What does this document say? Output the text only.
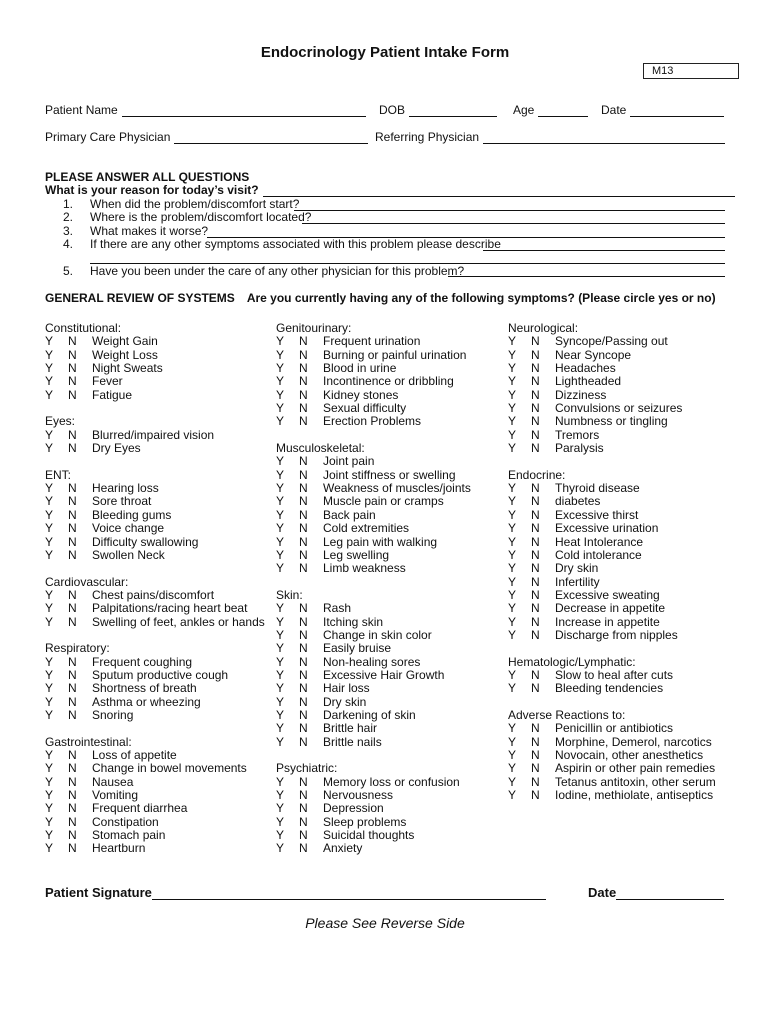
Endocrinology Patient Intake Form
M13
Patient Name	DOB	Age	Date
Primary Care Physician	Referring Physician
PLEASE ANSWER ALL QUESTIONS
What is your reason for today’s visit?
1. When did the problem/discomfort start?
2. Where is the problem/discomfort located?
3. What makes it worse?
4. If there are any other symptoms associated with this problem please describe
5. Have you been under the care of any other physician for this problem?
GENERAL REVIEW OF SYSTEMS Are you currently having any of the following symptoms? (Please circle yes or no)
Constitutional:
Y N Weight Gain
Y N Weight Loss
Y N Night Sweats
Y N Fever
Y N Fatigue
Eyes:
Y N Blurred/impaired vision
Y N Dry Eyes
ENT:
Y N Hearing loss
Y N Sore throat
Y N Bleeding gums
Y N Voice change
Y N Difficulty swallowing
Y N Swollen Neck
Cardiovascular:
Y N Chest pains/discomfort
Y N Palpitations/racing heart beat
Y N Swelling of feet, ankles or hands
Respiratory:
Y N Frequent coughing
Y N Sputum productive cough
Y N Shortness of breath
Y N Asthma or wheezing
Y N Snoring
Gastrointestinal:
Y N Loss of appetite
Y N Change in bowel movements
Y N Nausea
Y N Vomiting
Y N Frequent diarrhea
Y N Constipation
Y N Stomach pain
Y N Heartburn
Genitourinary:
Y N Frequent urination
Y N Burning or painful urination
Y N Blood in urine
Y N Incontinence or dribbling
Y N Kidney stones
Y N Sexual difficulty
Y N Erection Problems
Musculoskeletal:
Y N Joint pain
Y N Joint stiffness or swelling
Y N Weakness of muscles/joints
Y N Muscle pain or cramps
Y N Back pain
Y N Cold extremities
Y N Leg pain with walking
Y N Leg swelling
Y N Limb weakness
Skin:
Y N Rash
Y N Itching skin
Y N Change in skin color
Y N Easily bruise
Y N Non-healing sores
Y N Excessive Hair Growth
Y N Hair loss
Y N Dry skin
Y N Darkening of skin
Y N Brittle hair
Y N Brittle nails
Psychiatric:
Y N Memory loss or confusion
Y N Nervousness
Y N Depression
Y N Sleep problems
Y N Suicidal thoughts
Y N Anxiety
Neurological:
Y N Syncope/Passing out
Y N Near Syncope
Y N Headaches
Y N Lightheaded
Y N Dizziness
Y N Convulsions or seizures
Y N Numbness or tingling
Y N Tremors
Y N Paralysis
Endocrine:
Y N Thyroid disease
Y N diabetes
Y N Excessive thirst
Y N Excessive urination
Y N Heat Intolerance
Y N Cold intolerance
Y N Dry skin
Y N Infertility
Y N Excessive sweating
Y N Decrease in appetite
Y N Increase in appetite
Y N Discharge from nipples
Hematologic/Lymphatic:
Y N Slow to heal after cuts
Y N Bleeding tendencies
Adverse Reactions to:
Y N Penicillin or antibiotics
Y N Morphine, Demerol, narcotics
Y N Novocain, other anesthetics
Y N Aspirin or other pain remedies
Y N Tetanus antitoxin, other serum
Y N Iodine, methiolate, antiseptics
Patient Signature	Date
Please See Reverse Side
